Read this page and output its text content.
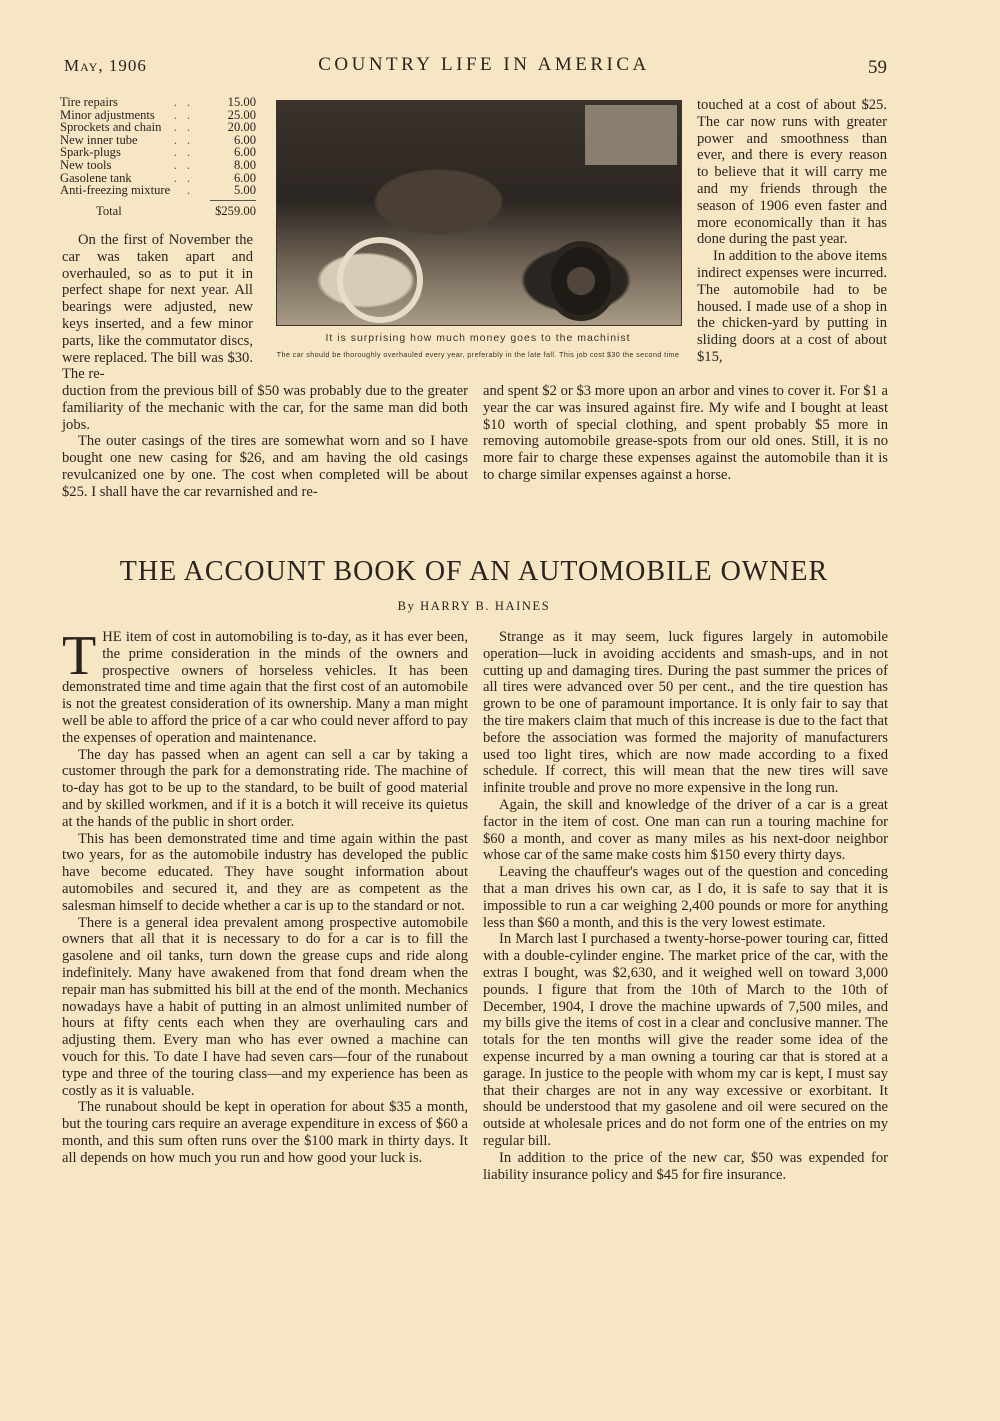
May, 1906	COUNTRY LIFE IN AMERICA	59
Tire repairs	..	15.00
Minor adjustments	..	25.00
Sprockets and chain ..	20.00
New inner tube	..	6.00
Spark-plugs	..	6.00
New tools	..	8.00
Gasolene tank	..	6.00
Anti-freezing mixture	.	5.00
Total	$259.00
It is surprising how much money goes to the machinist
The car should be thoroughly overhauled every year, preferably in the late fall. This job cost $30 the second time

On the first of November the car was taken apart and overhauled, so as to put it in perfect shape for next year. All bearings were adjusted, new keys inserted, and a few minor parts, like the commutator discs, were replaced. The bill was $30. The re-

touched at a cost of about $25. The car now runs with greater power and smoothness than ever, and there is every reason to believe that it will carry me and my friends through the season of 1906 even faster and more economically than it has done during the past year.

In addition to the above items indirect expenses were incurred. The automobile had to be housed. I made use of a shop in the chicken-yard by putting in sliding doors at a cost of about $15,

duction from the previous bill of $50 was probably due to the greater familiarity of the mechanic with the car, for the same man did both jobs.

The outer casings of the tires are somewhat worn and so I have bought one new casing for $26, and am having the old casings revulcanized one by one. The cost when completed will be about $25. I shall have the car revarnished and re-

and spent $2 or $3 more upon an arbor and vines to cover it. For $1 a year the car was insured against fire. My wife and I bought at least $10 worth of special clothing, and spent probably $5 more in removing automobile grease-spots from our old ones. Still, it is no more fair to charge these expenses against the automobile than it is to charge similar expenses against a horse.

THE ACCOUNT BOOK OF AN AUTOMOBILE OWNER
By HARRY B. HAINES

THE item of cost in automobiling is to-day, as it has ever been, the prime consideration in the minds of the owners and prospective owners of horseless vehicles. It has been demonstrated time and time again that the first cost of an automobile is not the greatest consideration of its ownership. Many a man might well be able to afford the price of a car who could never afford to pay the expenses of operation and maintenance.

The day has passed when an agent can sell a car by taking a customer through the park for a demonstrating ride. The machine of to-day has got to be up to the standard, to be built of good material and by skilled workmen, and if it is a botch it will receive its quietus at the hands of the public in short order.

This has been demonstrated time and time again within the past two years, for as the automobile industry has developed the public have become educated. They have sought information about automobiles and secured it, and they are as competent as the salesman himself to decide whether a car is up to the standard or not.

There is a general idea prevalent among prospective automobile owners that all that it is necessary to do for a car is to fill the gasolene and oil tanks, turn down the grease cups and ride along indefinitely. Many have awakened from that fond dream when the repair man has submitted his bill at the end of the month. Mechanics nowadays have a habit of putting in an almost unlimited number of hours at fifty cents each when they are overhauling cars and adjusting them. Every man who has ever owned a machine can vouch for this. To date I have had seven cars—four of the runabout type and three of the touring class—and my experience has been as costly as it is valuable.

The runabout should be kept in operation for about $35 a month, but the touring cars require an average expenditure in excess of $60 a month, and this sum often runs over the $100 mark in thirty days. It all depends on how much you run and how good your luck is.

Strange as it may seem, luck figures largely in automobile operation—luck in avoiding accidents and smash-ups, and in not cutting up and damaging tires. During the past summer the prices of all tires were advanced over 50 per cent., and the tire question has grown to be one of paramount importance. It is only fair to say that the tire makers claim that much of this increase is due to the fact that before the association was formed the majority of manufacturers used too light tires, which are now made according to a fixed schedule. If correct, this will mean that the new tires will save infinite trouble and prove no more expensive in the long run.

Again, the skill and knowledge of the driver of a car is a great factor in the item of cost. One man can run a touring machine for $60 a month, and cover as many miles as his next-door neighbor whose car of the same make costs him $150 every thirty days.

Leaving the chauffeur's wages out of the question and conceding that a man drives his own car, as I do, it is safe to say that it is impossible to run a car weighing 2,400 pounds or more for anything less than $60 a month, and this is the very lowest estimate.

In March last I purchased a twenty-horse-power touring car, fitted with a double-cylinder engine. The market price of the car, with the extras I bought, was $2,630, and it weighed well on toward 3,000 pounds. I figure that from the 10th of March to the 10th of December, 1904, I drove the machine upwards of 7,500 miles, and my bills give the items of cost in a clear and conclusive manner. The totals for the ten months will give the reader some idea of the expense incurred by a man owning a touring car that is stored at a garage. In justice to the people with whom my car is kept, I must say that their charges are not in any way excessive or exorbitant. It should be understood that my gasolene and oil were secured on the outside at wholesale prices and do not form one of the entries on my regular bill.

In addition to the price of the new car, $50 was expended for liability insurance policy and $45 for fire insurance.
